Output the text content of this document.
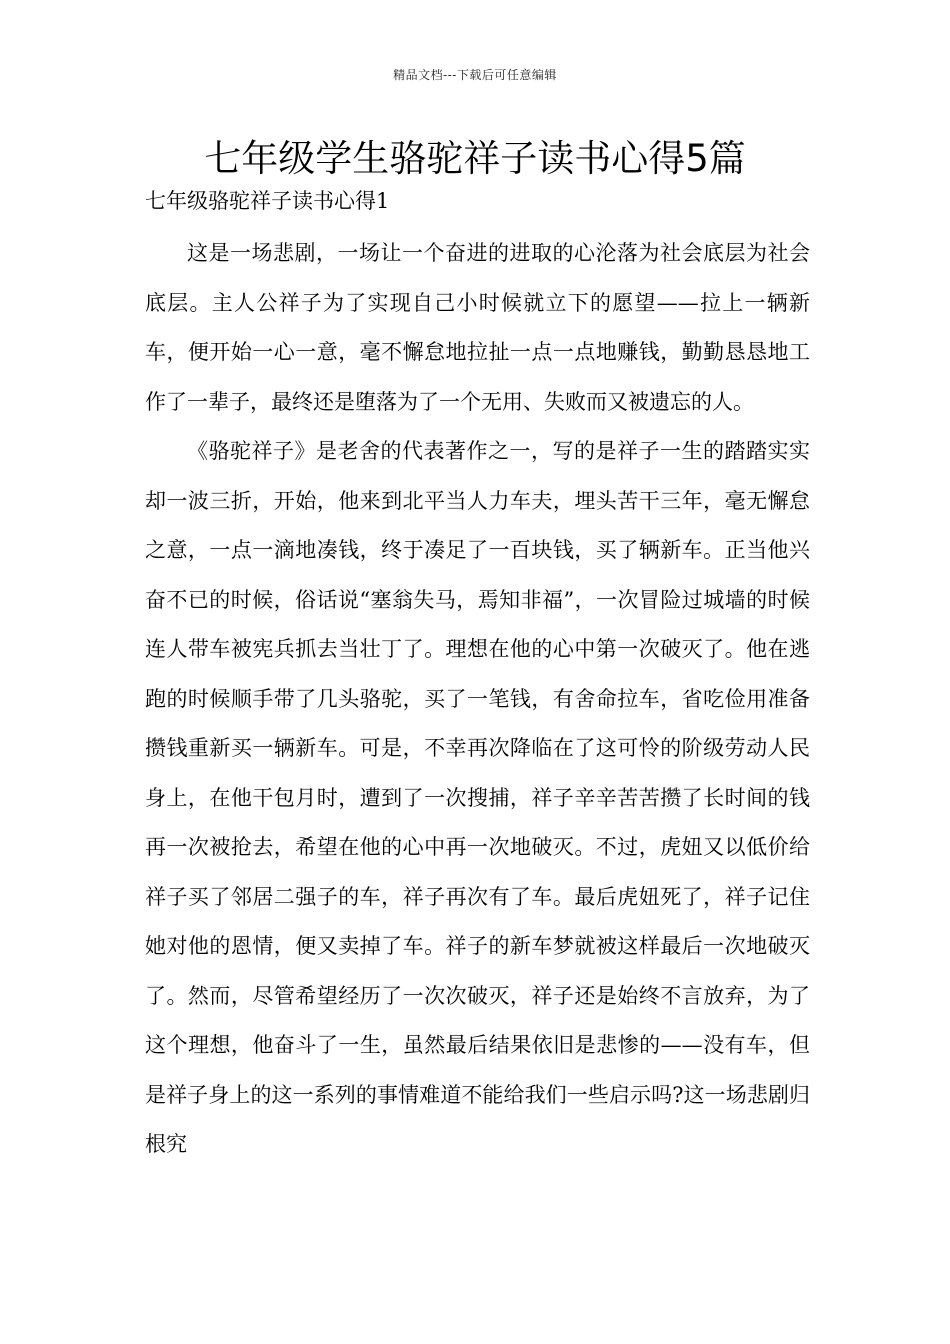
精品文档---下载后可任意编辑
七年级学生骆驼祥子读书心得5篇
七年级骆驼祥子读书心得1

这是一场悲剧，一场让一个奋进的进取的心沦落为社会底层为社会底层。主人公祥子为了实现自己小时候就立下的愿望——拉上一辆新车，便开始一心一意，毫不懈怠地拉扯一点一点地赚钱，勤勤恳恳地工作了一辈子，最终还是堕落为了一个无用、失败而又被遗忘的人。

《骆驼祥子》是老舍的代表著作之一，写的是祥子一生的踏踏实实却一波三折，开始，他来到北平当人力车夫，埋头苦干三年，毫无懈怠之意，一点一滴地凑钱，终于凑足了一百块钱，买了辆新车。正当他兴奋不已的时候，俗话说“塞翁失马，焉知非福”，一次冒险过城墙的时候连人带车被宪兵抓去当壮丁了。理想在他的心中第一次破灭了。他在逃跑的时候顺手带了几头骆驼，买了一笔钱，有舍命拉车，省吃俭用准备攒钱重新买一辆新车。可是，不幸再次降临在了这可怜的阶级劳动人民身上，在他干包月时，遭到了一次搜捕，祥子辛辛苦苦攒了长时间的钱再一次被抢去，希望在他的心中再一次地破灭。不过，虎妞又以低价给祥子买了邻居二强子的车，祥子再次有了车。最后虎妞死了，祥子记住她对他的恩情，便又卖掉了车。祥子的新车梦就被这样最后一次地破灭了。然而，尽管希望经历了一次次破灭，祥子还是始终不言放弃，为了这个理想，他奋斗了一生，虽然最后结果依旧是悲惨的——没有车，但是祥子身上的这一系列的事情难道不能给我们一些启示吗?这一场悲剧归根究
